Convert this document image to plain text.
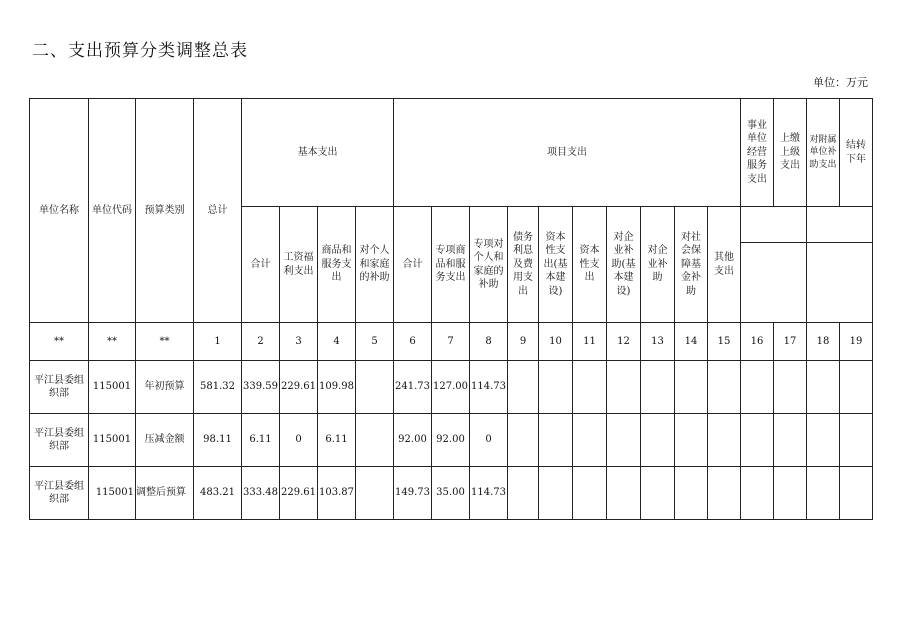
二、支出预算分类调整总表
单位：万元
单位名称	单位代码	预算类别	总计	基本支出				项目支出										事业单位经营服务支出	上缴上级支出	对附属单位补助支出	结转下年
				合计	工资福利支出	商品和服务支出	对个人和家庭的补助	合计	专项商品和服务支出	专项对个人和家庭的补助	债务利息及费用支出	资本性支出(基本建设)	资本性支出	对企业补助(基本建设)	对企业补助	对社会保障基金补助	其他支出				

**	**	**	1	2	3	4	5	6	7	8	9	10	11	12	13	14	15	16	17	18	19
平江县委组织部	115001	年初预算	581.32	339.59	229.61	109.98		241.73	127.00	114.73											
平江县委组织部	115001	压减金额	98.11	6.11	0	6.11		92.00	92.00	0											
平江县委组织部	115001	调整后预算	483.21	333.48	229.61	103.87		149.73	35.00	114.73											
